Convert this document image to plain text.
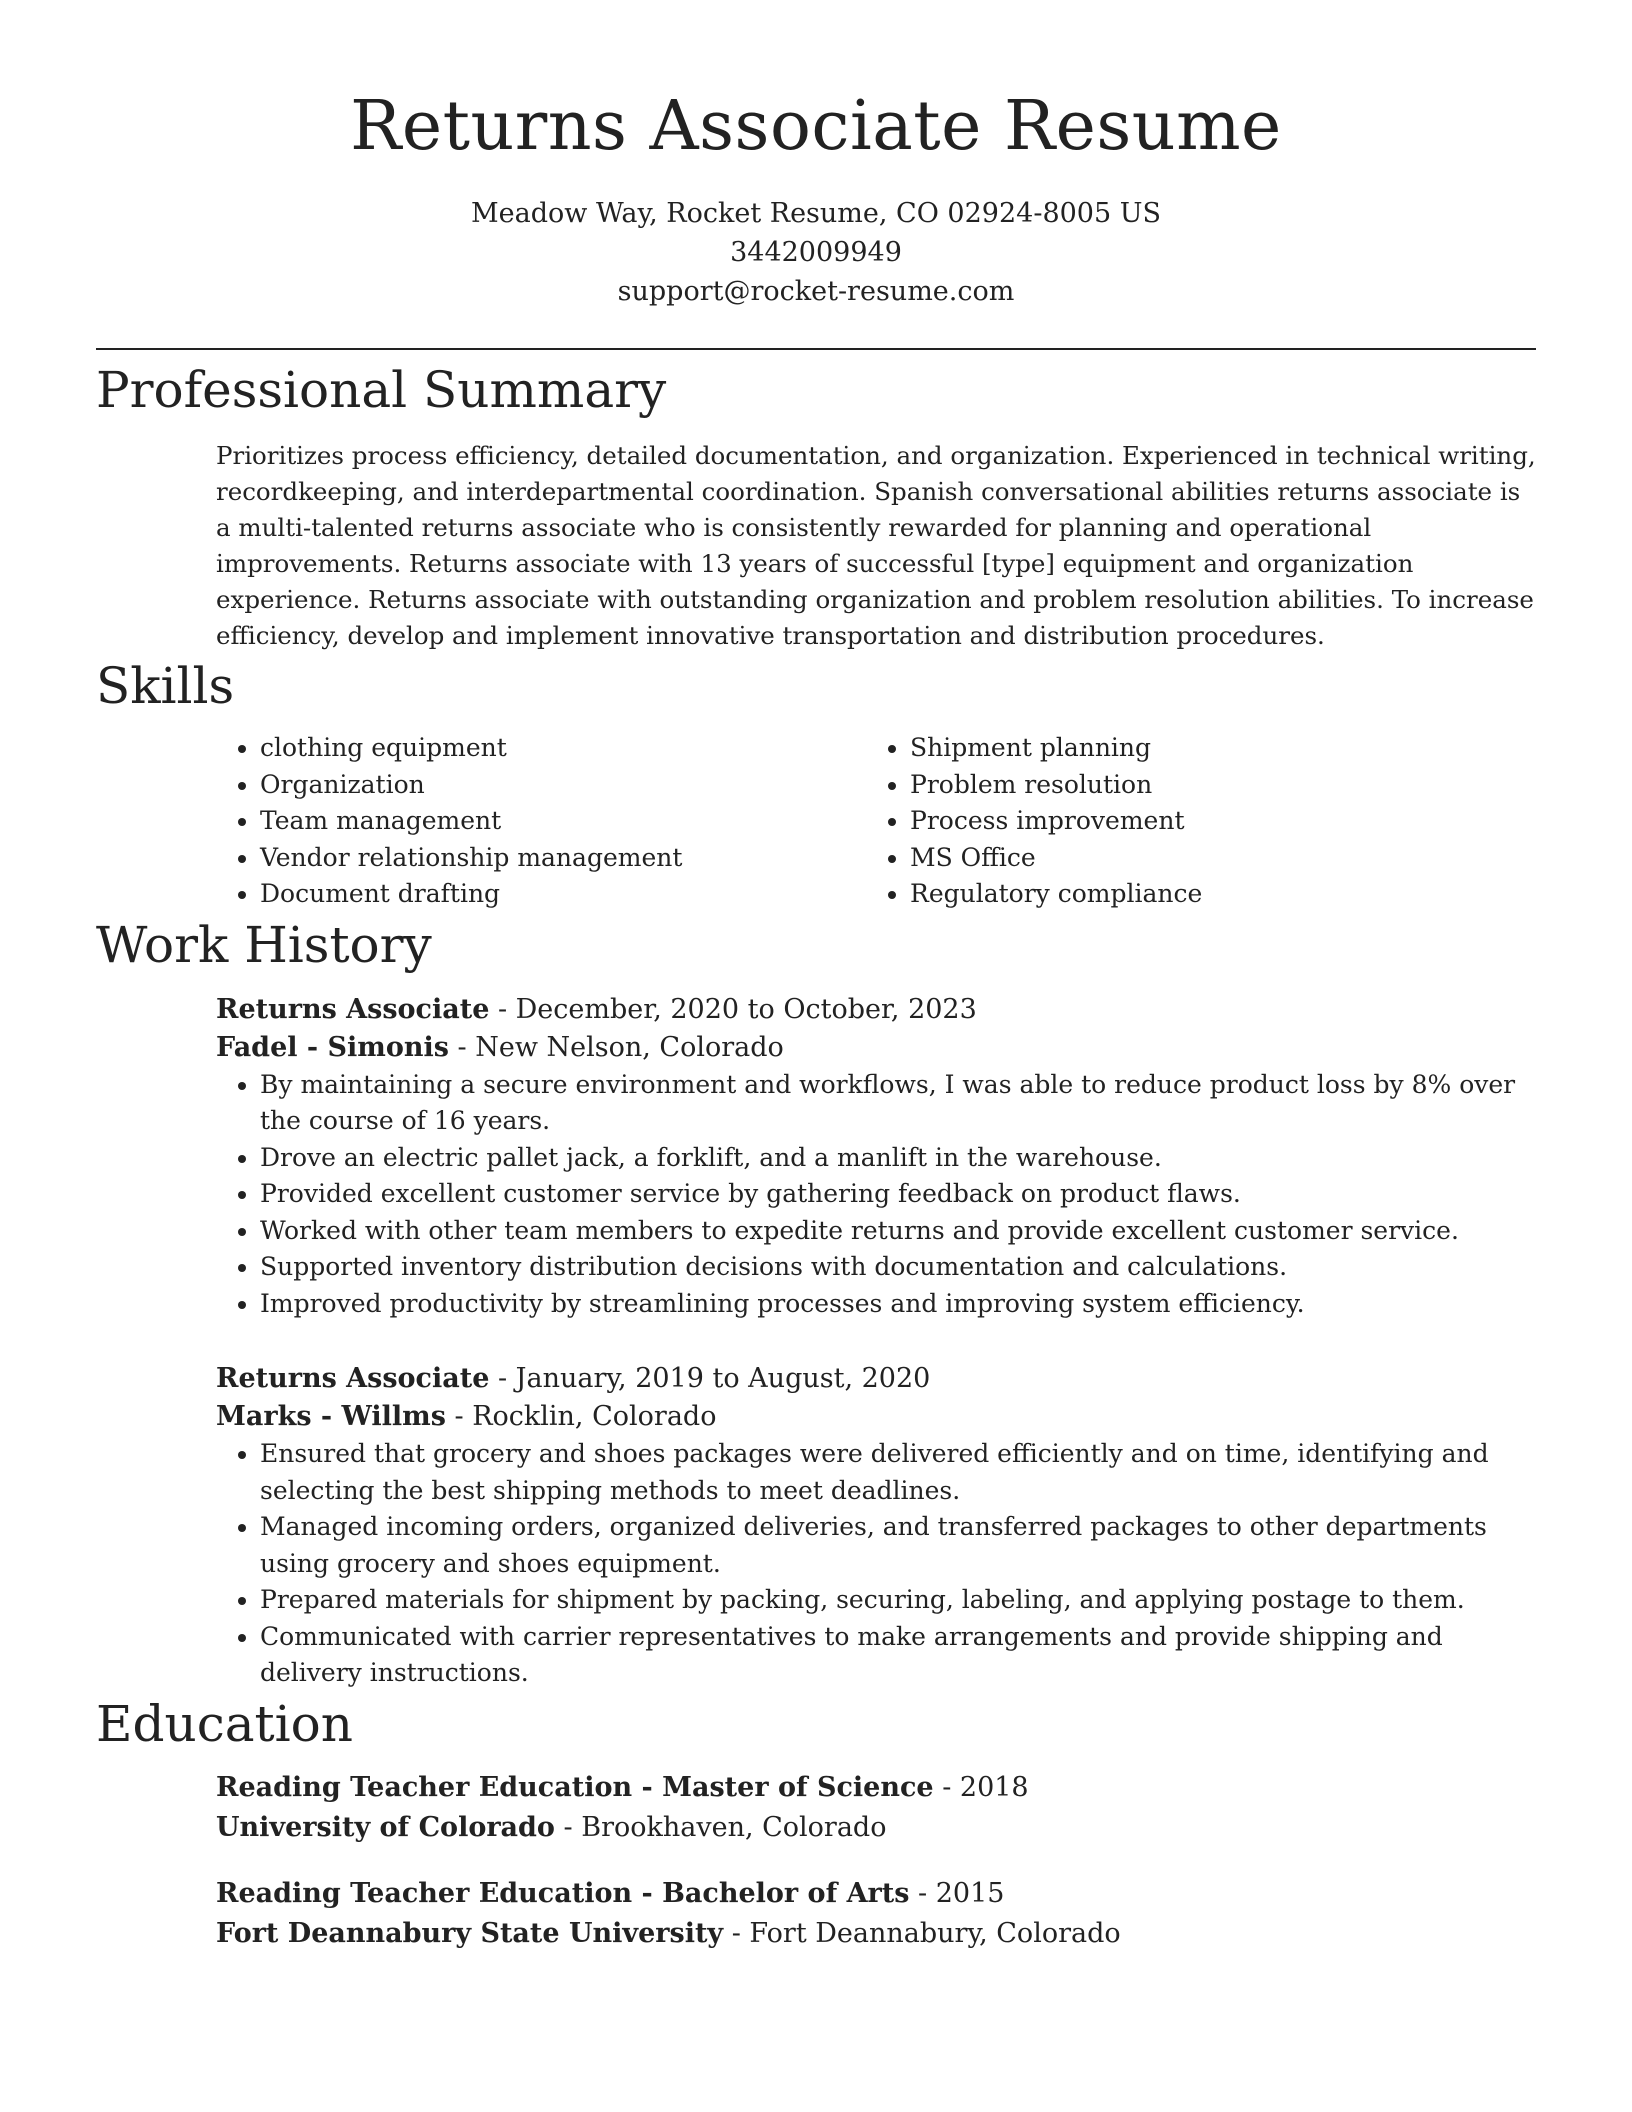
Returns Associate Resume
Meadow Way, Rocket Resume, CO 02924-8005 US
3442009949
support@rocket-resume.com
Professional Summary

Prioritizes process efficiency, detailed documentation, and organization. Experienced in technical writing, recordkeeping, and interdepartmental coordination. Spanish conversational abilities returns associate is a multi-talented returns associate who is consistently rewarded for planning and operational improvements. Returns associate with 13 years of successful [type] equipment and organization experience. Returns associate with outstanding organization and problem resolution abilities. To increase efficiency, develop and implement innovative transportation and distribution procedures.

Skills
• clothing equipment
• Organization
• Team management
• Vendor relationship management
• Document drafting
• Shipment planning
• Problem resolution
• Process improvement
• MS Office
• Regulatory compliance
Work History
Returns Associate - December, 2020 to October, 2023
Fadel - Simonis - New Nelson, Colorado
• By maintaining a secure environment and workflows, I was able to reduce product loss by 8% over the course of 16 years.
• Drove an electric pallet jack, a forklift, and a manlift in the warehouse.
• Provided excellent customer service by gathering feedback on product flaws.
• Worked with other team members to expedite returns and provide excellent customer service.
• Supported inventory distribution decisions with documentation and calculations.
• Improved productivity by streamlining processes and improving system efficiency.
Returns Associate - January, 2019 to August, 2020
Marks - Willms - Rocklin, Colorado
• Ensured that grocery and shoes packages were delivered efficiently and on time, identifying and selecting the best shipping methods to meet deadlines.
• Managed incoming orders, organized deliveries, and transferred packages to other departments using grocery and shoes equipment.
• Prepared materials for shipment by packing, securing, labeling, and applying postage to them.
• Communicated with carrier representatives to make arrangements and provide shipping and delivery instructions.
Education
Reading Teacher Education - Master of Science - 2018
University of Colorado - Brookhaven, Colorado
Reading Teacher Education - Bachelor of Arts - 2015
Fort Deannabury State University - Fort Deannabury, Colorado
